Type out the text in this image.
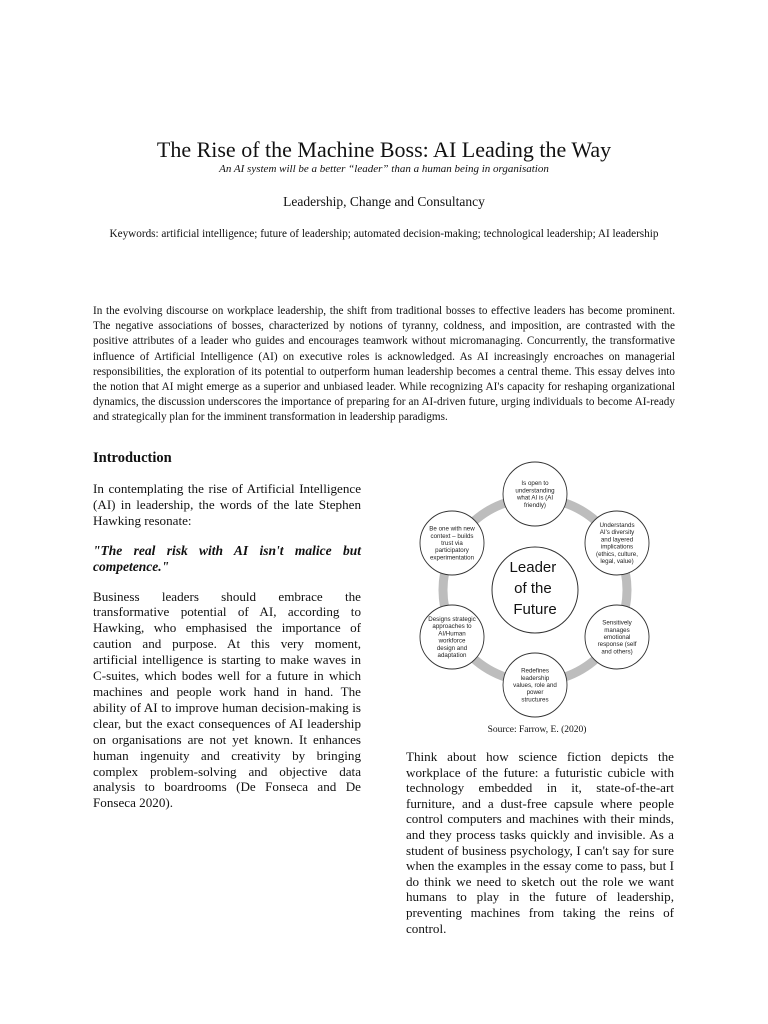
The Rise of the Machine Boss: AI Leading the Way
An AI system will be a better “leader” than a human being in organisation
Leadership, Change and Consultancy
Keywords: artificial intelligence; future of leadership; automated decision-making; technological leadership; AI leadership
In the evolving discourse on workplace leadership, the shift from traditional bosses to effective leaders has become prominent. The negative associations of bosses, characterized by notions of tyranny, coldness, and imposition, are contrasted with the positive attributes of a leader who guides and encourages teamwork without micromanaging. Concurrently, the transformative influence of Artificial Intelligence (AI) on executive roles is acknowledged. As AI increasingly encroaches on managerial responsibilities, the exploration of its potential to outperform human leadership becomes a central theme. This essay delves into the notion that AI might emerge as a superior and unbiased leader. While recognizing AI's capacity for reshaping organizational dynamics, the discussion underscores the importance of preparing for an AI-driven future, urging individuals to become AI-ready and strategically plan for the imminent transformation in leadership paradigms.
Introduction

In contemplating the rise of Artificial Intelligence (AI) in leadership, the words of the late Stephen Hawking resonate:

"The real risk with AI isn't malice but competence."

Business leaders should embrace the transformative potential of AI, according to Hawking, who emphasised the importance of caution and purpose. At this very moment, artificial intelligence is starting to make waves in C-suites, which bodes well for a future in which machines and people work hand in hand. The ability of AI to improve human decision-making is clear, but the exact consequences of AI leadership on organisations are not yet known. It enhances human ingenuity and creativity by bringing complex problem-solving and objective data analysis to boardrooms (De Fonseca and De Fonseca 2020).

Leader of the Future
Is open to understanding what AI is (AI friendly)
Understands AI's diversity and layered implications (ethics, culture, legal, value)
Sensitively manages emotional response (self and others)
Redefines leadership values, role and power structures
Designs strategic approaches to AI/Human workforce design and adaptation
Be one with new context – builds trust via participatory experimentation
Source: Farrow, E. (2020)

Think about how science fiction depicts the workplace of the future: a futuristic cubicle with technology embedded in it, state-of-the-art furniture, and a dust-free capsule where people control computers and machines with their minds, and they process tasks quickly and invisible. As a student of business psychology, I can't say for sure when the examples in the essay come to pass, but I do think we need to sketch out the role we want humans to play in the future of leadership, preventing machines from taking the reins of control.
